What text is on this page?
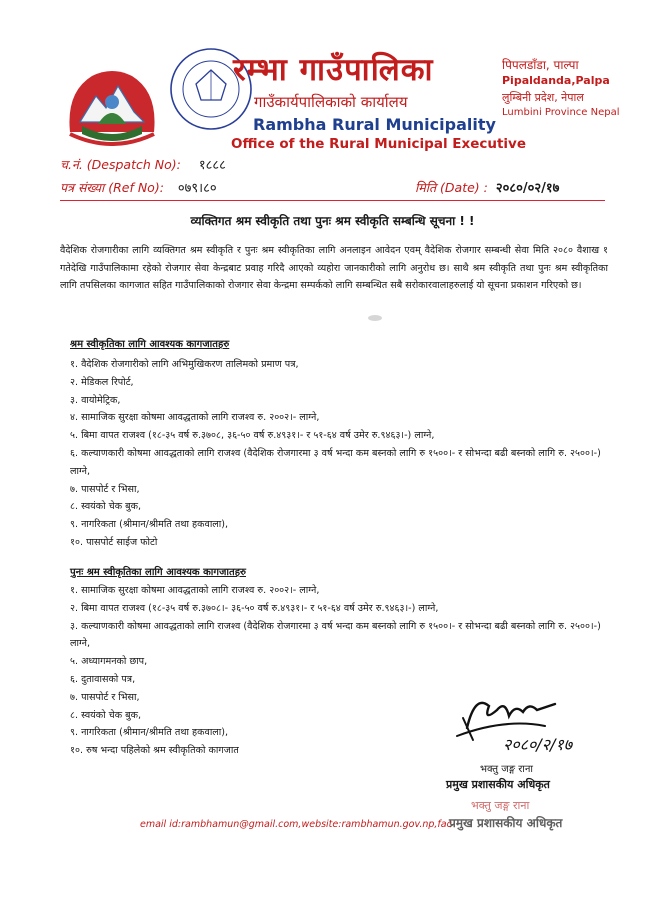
रम्भा गाउँपालिका
गाउँकार्यपालिकाको कार्यालय
Rambha Rural Municipality
Office of the Rural Municipal Executive
पिपलडाँडा, पाल्पा
Pipaldanda,Palpa
लुम्बिनी प्रदेश, नेपाल
Lumbini Province Nepal
च.नं. (Despatch No): १८८८
पत्र संख्या (Ref No): ०७९।८०	मिति (Date) : २०८०/०२/१७
व्यक्तिगत श्रम स्वीकृति तथा पुनः श्रम स्वीकृति सम्बन्धि सूचना ! !
वैदेशिक रोजगारीका लागि व्यक्तिगत श्रम स्वीकृति र पुनः श्रम स्वीकृतिका लागि अनलाइन आवेदन एवम् वैदेशिक रोजगार सम्बन्धी सेवा मिति २०८० वैशाख १ गतेदेखि गाउँपालिकामा रहेको रोजगार सेवा केन्द्रबाट प्रवाह गरिदै आएको व्यहोरा जानकारीको लागि अनुरोध छ। साथै श्रम स्वीकृति तथा पुनः श्रम स्वीकृतिका लागि तपसिलका कागजात सहित गाउँपालिकाको रोजगार सेवा केन्द्रमा सम्पर्कको लागि सम्बन्धित सबै सरोकारवालाहरुलाई यो सूचना प्रकाशन गरिएको छ।
श्रम स्वीकृतिका लागि आवश्यक कागजातहरु
१. वैदेशिक रोजगारीको लागि अभिमुखिकरण तालिमको प्रमाण पत्र,
२. मेडिकल रिपोर्ट,
३. वायोमेट्रिक,
४. सामाजिक सुरक्षा कोषमा आवद्धताको लागि राजश्व रु. २००२।- लाग्ने,
५. बिमा वापत राजश्व (१८-३५ वर्ष रु.३७०८, ३६-५० वर्ष रु.४९३१।- र ५१-६४ वर्ष उमेर रु.९४६३।-) लाग्ने,
६. कल्याणकारी कोषमा आवद्धताको लागि राजश्व (वैदेशिक रोजगारमा ३ वर्ष भन्दा कम बस्नको लागि रु १५००।- र सोभन्दा बढी बस्नको लागि रु. २५००।-) लाग्ने,
७. पासपोर्ट र भिसा,
८. स्वयंको चेक बुक,
९. नागरिकता (श्रीमान/श्रीमति तथा हकवाला),
१०. पासपोर्ट साईज फोटो
पुनः श्रम स्वीकृतिका लागि आवश्यक कागजातहरु
१. सामाजिक सुरक्षा कोषमा आवद्धताको लागि राजश्व रु. २००२।- लाग्ने,
२. बिमा वापत राजश्व (१८-३५ वर्ष रु.३७०८।- ३६-५० वर्ष रु.४९३१।- र ५१-६४ वर्ष उमेर रु.९४६३।-) लाग्ने,
३. कल्याणकारी कोषमा आवद्धताको लागि राजश्व (वैदेशिक रोजगारमा ३ वर्ष भन्दा कम बस्नको लागि रु १५००।- र सोभन्दा बढी बस्नको लागि रु. २५००।-) लाग्ने,
५. अध्यागमनको छाप,
६. दुतावासको पत्र,
७. पासपोर्ट र भिसा,
८. स्वयंको चेक बुक,
९. नागरिकता (श्रीमान/श्रीमति तथा हकवाला),
१०. रुष भन्दा पहिलेको श्रम स्वीकृतिको कागजात	२०८०/२/१७
भक्तु जङ्ग राना
प्रमुख प्रशासकीय अधिकृत
भक्तु जङ्ग राना
प्रमुख प्रशासकीय अधिकृत
email id:rambhamun@gmail.com,website:rambhamun.gov.np,fac
